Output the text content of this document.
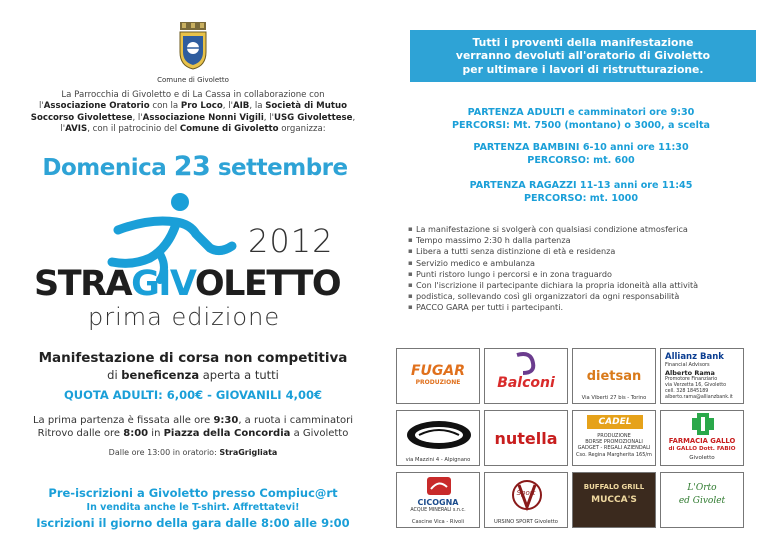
Comune di Givoletto
La Parrocchia di Givoletto e di La Cassa in collaborazione con
l'Associazione Oratorio con la Pro Loco, l'AIB, la Società di Mutuo
Soccorso Givolettese, l'Associazione Nonni Vigili, l'USG Givolettese,
l'AVIS, con il patrocinio del Comune di Givoletto organizza:
Domenica 23 settembre
2012
STRAGIVOLETTO
prima edizione
Manifestazione di corsa non competitiva
di beneficenza aperta a tutti
QUOTA ADULTI: 6,00€ - GIOVANILI 4,00€
La prima partenza è fissata alle ore 9:30, a ruota i camminatori
Ritrovo dalle ore 8:00 in Piazza della Concordia a Givoletto
Dalle ore 13:00 in oratorio: StraGrigliata
Pre-iscrizioni a Givoletto presso Compiuc@rt
In vendita anche le T-shirt. Affrettatevi!
Iscrizioni il giorno della gara dalle 8:00 alle 9:00
Tutti i proventi della manifestazione
verranno devoluti all'oratorio di Givoletto
per ultimare i lavori di ristrutturazione.
PARTENZA ADULTI e camminatori ore 9:30
PERCORSI: Mt. 7500 (montano) o 3000, a scelta
PARTENZA BAMBINI 6-10 anni ore 11:30
PERCORSO: mt. 600
PARTENZA RAGAZZI 11-13 anni ore 11:45
PERCORSO: mt. 1000
▪ La manifestazione si svolgerà con qualsiasi condizione atmosferica
▪ Tempo massimo 2:30 h dalla partenza
▪ Libera a tutti senza distinzione di età e residenza
▪ Servizio medico e ambulanza
▪ Punti ristoro lungo i percorsi e in zona traguardo
▪ Con l'iscrizione il partecipante dichiara la propria idoneità alla attività
▪ podistica, sollevando così gli organizzatori da ogni responsabilità
▪ PACCO GARA per tutti i partecipanti.
FUGAR
PRODUZIONE	Balconi	dietsan
Via Viberti 27 bis - Torino
Allianz Bank
Financial Advisors
Alberto Rama
Promotore Finanziario
via Verzetta 16, Givoletto
cell. 328 1845189
alberto.rama@allianzbank.it
via Mazzini 4 - Alpignano
nutella
CADEL
PRODUZIONE
BORSE PROMOZIONALI
GADGET - REGALI AZIENDALI
Cso. Regina Margherita 165/m
FARMACIA GALLO
di GALLO Dott. FABIO
Givoletto
CICOGNA
ACQUE MINERALI s.n.c.
Cascine Vica - Rivoli
Sport
URSINO SPORT Givoletto
BUFFALO GRILL
MUCCA'S
L'Orto
ed Givolet
